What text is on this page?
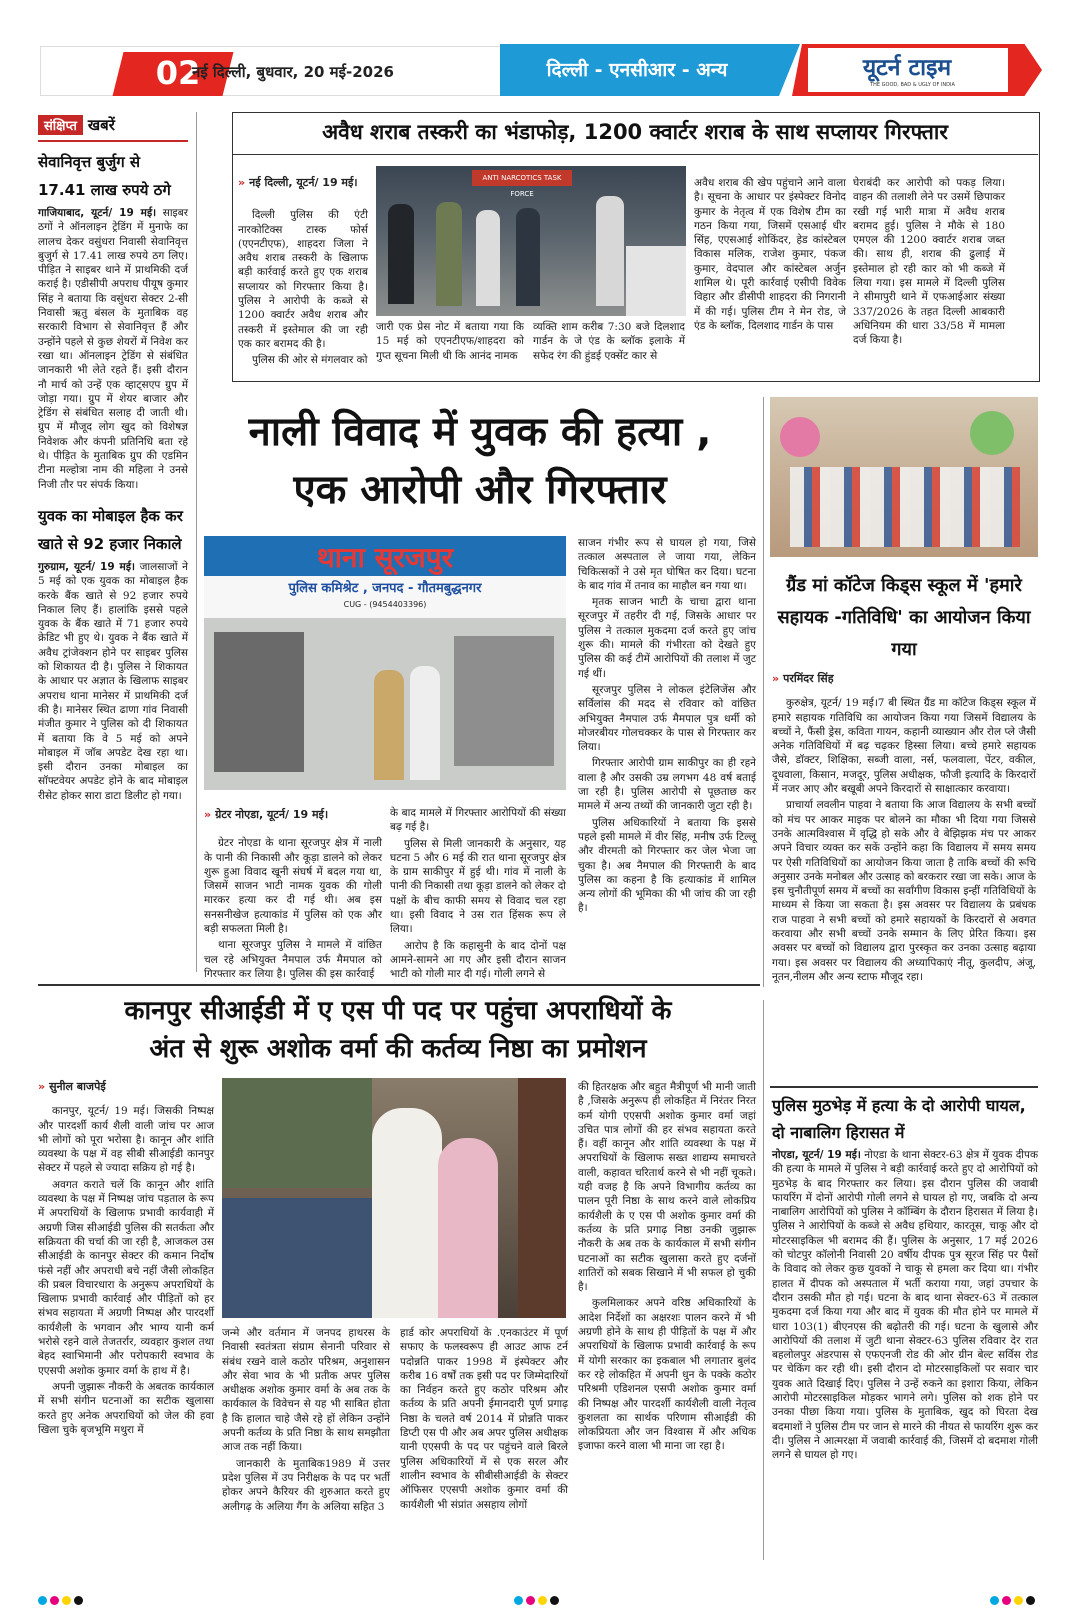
02
नई दिल्ली, बुधवार, 20 मई-2026	दिल्ली - एनसीआर - अन्य	यूटर्न टाइम
THE GOOD, BAD & UGLY OF INDIA
संक्षिप्त खबरें
सेवानिवृत्त बुर्जुग से 17.41 लाख रुपये ठगे
गाजियाबाद, यूटर्न/ 19 मई। साइबर ठगों ने ऑनलाइन ट्रेडिंग में मुनाफे का लालच देकर वसुंधरा निवासी सेवानिवृत्त बुजुर्ग से 17.41 लाख रुपये ठग लिए। पीड़ित ने साइबर थाने में प्राथमिकी दर्ज कराई है। एडीसीपी अपराध पीयूष कुमार सिंह ने बताया कि वसुंधरा सेक्टर 2-सी निवासी ऋतु बंसल के मुताबिक वह सरकारी विभाग से सेवानिवृत्त हैं और उन्होंने पहले से कुछ शेयरों में निवेश कर रखा था। ऑनलाइन ट्रेडिंग से संबंधित जानकारी भी लेते रहते हैं। इसी दौरान नौ मार्च को उन्हें एक व्हाट्सएप ग्रुप में जोड़ा गया। ग्रुप में शेयर बाजार और ट्रेडिंग से संबंधित सलाह दी जाती थी। ग्रुप में मौजूद लोग खुद को विशेषज्ञ निवेशक और कंपनी प्रतिनिधि बता रहे थे। पीड़ित के मुताबिक ग्रुप की एडमिन टीना मल्होत्रा नाम की महिला ने उनसे निजी तौर पर संपर्क किया।
युवक का मोबाइल हैक कर खाते से 92 हजार निकाले
गुरुग्राम, यूटर्न/ 19 मई। जालसाजों ने 5 मई को एक युवक का मोबाइल हैक करके बैंक खाते से 92 हजार रुपये निकाल लिए हैं। हालांकि इससे पहले युवक के बैंक खाते में 71 हजार रुपये क्रेडिट भी हुए थे। युवक ने बैंक खाते में अवैध ट्रांजेक्शन होने पर साइबर पुलिस को शिकायत दी है। पुलिस ने शिकायत के आधार पर अज्ञात के खिलाफ साइबर अपराध थाना मानेसर में प्राथमिकी दर्ज की है। मानेसर स्थित ढाणा गांव निवासी मंजीत कुमार ने पुलिस को दी शिकायत में बताया कि वे 5 मई को अपने मोबाइल में जॉब अपडेट देख रहा था। इसी दौरान उनका मोबाइल का सॉफ्टवेयर अपडेट होने के बाद मोबाइल रीसेट होकर सारा डाटा डिलीट हो गया।
अवैध शराब तस्करी का भंडाफोड़, 1200 क्वार्टर शराब के साथ सप्लायर गिरफ्तार
» नई दिल्ली, यूटर्न/ 19 मई।

दिल्ली पुलिस की एंटी नारकोटिक्स टास्क फोर्स (एएनटीएफ), शाहदरा जिला ने अवैध शराब तस्करी के खिलाफ बड़ी कार्रवाई करते हुए एक शराब सप्लायर को गिरफ्तार किया है। पुलिस ने आरोपी के कब्जे से 1200 क्वार्टर अवैध शराब और तस्करी में इस्तेमाल की जा रही एक कार बरामद की है।

पुलिस की ओर से मंगलवार को

ANTI NARCOTICS TASK FORCE

जारी एक प्रेस नोट में बताया गया कि 15 मई को एएनटीएफ/शाहदरा को गुप्त सूचना मिली थी कि आनंद नामक

व्यक्ति शाम करीब 7:30 बजे दिलशाद गार्डन के जे एंड के ब्लॉक इलाके में सफेद रंग की हुंडई एक्सेंट कार से

अवैध शराब की खेप पहुंचाने आने वाला है। सूचना के आधार पर इंस्पेक्टर विनोद कुमार के नेतृत्व में एक विशेष टीम का गठन किया गया, जिसमें एसआई धीर सिंह, एएसआई शोकिंदर, हेड कांस्टेबल विकास मलिक, राजेश कुमार, पंकज कुमार, वेदपाल और कांस्टेबल अर्जुन शामिल थे। पूरी कार्रवाई एसीपी विवेक विहार और डीसीपी शाहदरा की निगरानी में की गई। पुलिस टीम ने मेन रोड, जे एंड के ब्लॉक, दिलशाद गार्डन के पास

घेराबंदी कर आरोपी को पकड़ लिया। वाहन की तलाशी लेने पर उसमें छिपाकर रखी गई भारी मात्रा में अवैध शराब बरामद हुई। पुलिस ने मौके से 180 एमएल की 1200 क्वार्टर शराब जब्त की। साथ ही, शराब की ढुलाई में इस्तेमाल हो रही कार को भी कब्जे में लिया गया। इस मामले में दिल्ली पुलिस ने सीमापुरी थाने में एफआईआर संख्या 337/2026 के तहत दिल्ली आबकारी अधिनियम की धारा 33/58 में मामला दर्ज किया है।

नाली विवाद में युवक की हत्या ,
एक आरोपी और गिरफ्तार
थाना सूरजपुर
पुलिस कमिश्रेट , जनपद - गौतमबुद्धनगर
CUG - (9454403396)
» ग्रेटर नोएडा, यूटर्न/ 19 मई।

ग्रेटर नोएडा के थाना सूरजपुर क्षेत्र में नाली के पानी की निकासी और कूड़ा डालने को लेकर शुरू हुआ विवाद खूनी संघर्ष में बदल गया था, जिसमें साजन भाटी नामक युवक की गोली मारकर हत्या कर दी गई थी। अब इस सनसनीखेज हत्याकांड में पुलिस को एक और बड़ी सफलता मिली है।

थाना सूरजपुर पुलिस ने मामले में वांछित चल रहे अभियुक्त नैमपाल उर्फ मैमपाल को गिरफ्तार कर लिया है। पुलिस की इस कार्रवाई

के बाद मामले में गिरफ्तार आरोपियों की संख्या बढ़ गई है।

पुलिस से मिली जानकारी के अनुसार, यह घटना 5 और 6 मई की रात थाना सूरजपुर क्षेत्र के ग्राम साकीपुर में हुई थी। गांव में नाली के पानी की निकासी तथा कूड़ा डालने को लेकर दो पक्षों के बीच काफी समय से विवाद चल रहा था। इसी विवाद ने उस रात हिंसक रूप ले लिया।

आरोप है कि कहासुनी के बाद दोनों पक्ष आमने-सामने आ गए और इसी दौरान साजन भाटी को गोली मार दी गई। गोली लगने से

साजन गंभीर रूप से घायल हो गया, जिसे तत्काल अस्पताल ले जाया गया, लेकिन चिकित्सकों ने उसे मृत घोषित कर दिया। घटना के बाद गांव में तनाव का माहौल बन गया था।

मृतक साजन भाटी के चाचा द्वारा थाना सूरजपुर में तहरीर दी गई, जिसके आधार पर पुलिस ने तत्काल मुकदमा दर्ज करते हुए जांच शुरू की। मामले की गंभीरता को देखते हुए पुलिस की कई टीमें आरोपियों की तलाश में जुट गई थीं।

सूरजपुर पुलिस ने लोकल इंटेलिजेंस और सर्विलांस की मदद से रविवार को वांछित अभियुक्त नैमपाल उर्फ मैमपाल पुत्र धर्मी को मोजरबीयर गोलचक्कर के पास से गिरफ्तार कर लिया।

गिरफ्तार आरोपी ग्राम साकीपुर का ही रहने वाला है और उसकी उम्र लगभग 48 वर्ष बताई जा रही है। पुलिस आरोपी से पूछताछ कर मामले में अन्य तथ्यों की जानकारी जुटा रही है।

पुलिस अधिकारियों ने बताया कि इससे पहले इसी मामले में वीर सिंह, मनीष उर्फ टिल्लू और वीरमती को गिरफ्तार कर जेल भेजा जा चुका है। अब नैमपाल की गिरफ्तारी के बाद पुलिस का कहना है कि हत्याकांड में शामिल अन्य लोगों की भूमिका की भी जांच की जा रही है।

ग्रैंड मां कॉटेज किड्स स्कूल में 'हमारे सहायक -गतिविधि' का आयोजन किया गया
» परमिंदर सिंह

कुरुक्षेत्र, यूटर्न/ 19 मई।7 बी स्थित ग्रैंड मा कॉटेज किड्स स्कूल में हमारे सहायक गतिविधि का आयोजन किया गया जिसमें विद्यालय के बच्चों ने, फैंसी ड्रेस, कविता गायन, कहानी व्याख्यान और रोल प्ले जैसी अनेक गतिविधियों में बढ़ चढ़कर हिस्सा लिया। बच्चे हमारे सहायक जैसे, डॉक्टर, शिक्षिका, सब्जी वाला, नर्स, फलवाला, पेंटर, वकील, दूधवाला, किसान, मजदूर, पुलिस अधीक्षक, फौजी इत्यादि के किरदारों में नजर आए और बखूबी अपने किरदारों से साक्षात्कार करवाया।

प्राचार्या लवलीन पाहवा ने बताया कि आज विद्यालय के सभी बच्चों को मंच पर आकर माइक पर बोलने का मौका भी दिया गया जिससे उनके आत्मविश्वास में वृद्धि हो सके और वे बेझिझक मंच पर आकर अपने विचार व्यक्त कर सकें उन्होंने कहा कि विद्यालय में समय समय पर ऐसी गतिविधियों का आयोजन किया जाता है ताकि बच्चों की रूचि अनुसार उनके मनोबल और उत्साह को बरकरार रखा जा सके। आज के इस चुनौतीपूर्ण समय में बच्चों का सर्वांगीण विकास इन्हीं गतिविधियों के माध्यम से किया जा सकता है। इस अवसर पर विद्यालय के प्रबंधक राज पाहवा ने सभी बच्चों को हमारे सहायकों के किरदारों से अवगत करवाया और सभी बच्चों उनके सम्मान के लिए प्रेरित किया। इस अवसर पर बच्चों को विद्यालय द्वारा पुरस्कृत कर उनका उत्साह बढ़ाया गया। इस अवसर पर विद्यालय की अध्यापिकाएं नीतू, कुलदीप, अंजू, नूतन,नीलम और अन्य स्टाफ मौजूद रहा।

पुलिस मुठभेड़ में हत्या के दो आरोपी घायल, दो नाबालिग हिरासत में

नोएडा, यूटर्न/ 19 मई। नोएडा के थाना सेक्टर-63 क्षेत्र में युवक दीपक की हत्या के मामले में पुलिस ने बड़ी कार्रवाई करते हुए दो आरोपियों को मुठभेड़ के बाद गिरफ्तार कर लिया। इस दौरान पुलिस की जवाबी फायरिंग में दोनों आरोपी गोली लगने से घायल हो गए, जबकि दो अन्य नाबालिग आरोपियों को पुलिस ने कॉम्बिंग के दौरान हिरासत में लिया है। पुलिस ने आरोपियों के कब्जे से अवैध हथियार, कारतूस, चाकू और दो मोटरसाइकिल भी बरामद की हैं। पुलिस के अनुसार, 17 मई 2026 को चोटपुर कॉलोनी निवासी 20 वर्षीय दीपक पुत्र सूरज सिंह पर पैसों के विवाद को लेकर कुछ युवकों ने चाकू से हमला कर दिया था। गंभीर हालत में दीपक को अस्पताल में भर्ती कराया गया, जहां उपचार के दौरान उसकी मौत हो गई। घटना के बाद थाना सेक्टर-63 में तत्काल मुकदमा दर्ज किया गया और बाद में युवक की मौत होने पर मामले में धारा 103(1) बीएनएस की बढ़ोतरी की गई। घटना के खुलासे और आरोपियों की तलाश में जुटी थाना सेक्टर-63 पुलिस रविवार देर रात बहलोलपुर अंडरपास से एफएनजी रोड की ओर ग्रीन बेल्ट सर्विस रोड पर चेकिंग कर रही थी। इसी दौरान दो मोटरसाइकिलों पर सवार चार युवक आते दिखाई दिए। पुलिस ने उन्हें रुकने का इशारा किया, लेकिन आरोपी मोटरसाइकिल मोड़कर भागने लगे। पुलिस को शक होने पर उनका पीछा किया गया। पुलिस के मुताबिक, खुद को घिरता देख बदमाशों ने पुलिस टीम पर जान से मारने की नीयत से फायरिंग शुरू कर दी। पुलिस ने आत्मरक्षा में जवाबी कार्रवाई की, जिसमें दो बदमाश गोली लगने से घायल हो गए।

कानपुर सीआईडी में ए एस पी पद पर पहुंचा अपराधियों के
अंत से शुरू अशोक वर्मा की कर्तव्य निष्ठा का प्रमोशन
» सुनील बाजपेई

कानपुर, यूटर्न/ 19 मई। जिसकी निष्पक्ष और पारदर्शी कार्य शैली वाली जांच पर आज भी लोगों को पूरा भरोसा है। कानून और शांति व्यवस्था के पक्ष में वह सीबी सीआईडी कानपुर सेक्टर में पहले से ज्यादा सक्रिय हो गई है।

अवगत कराते चलें कि कानून और शांति व्यवस्था के पक्ष में निष्पक्ष जांच पड़ताल के रूप में अपराधियों के खिलाफ प्रभावी कार्यवाही में अग्रणी जिस सीआईडी पुलिस की सतर्कता और सक्रियता की चर्चा की जा रही है, आजकल उस सीआईडी के कानपुर सेक्टर की कमान निर्दोष फंसे नहीं और अपराधी बचे नहीं जैसी लोकहित की प्रबल विचारधारा के अनुरूप अपराधियों के खिलाफ प्रभावी कार्रवाई और पीड़ितों को हर संभव सहायता में अग्रणी निष्पक्ष और पारदर्शी कार्यशैली के भगवान और भाग्य यानी कर्म भरोसे रहने वाले तेजतर्रार, व्यवहार कुशल तथा बेहद स्वाभिमानी और परोपकारी स्वभाव के एएसपी अशोक कुमार वर्मा के हाथ में है।

अपनी जुझारू नौकरी के अबतक कार्यकाल में सभी संगीन घटनाओं का सटीक खुलासा करते हुए अनेक अपराधियों को जेल की हवा खिला चुके बृजभूमि मथुरा में

जन्मे और वर्तमान में जनपद हाथरस के निवासी स्वतंत्रता संग्राम सेनानी परिवार से संबंध रखने वाले कठोर परिश्रम, अनुशासन और सेवा भाव के भी प्रतीक अपर पुलिस अधीक्षक अशोक कुमार वर्मा के अब तक के कार्यकाल के विवेचन से यह भी साबित होता है कि हालात चाहे जैसे रहे हों लेकिन उन्होंने अपनी कर्तव्य के प्रति निष्ठा के साथ समझौता आज तक नहीं किया।

जानकारी के मुताबिक1989 में उत्तर प्रदेश पुलिस में उप निरीक्षक के पद पर भर्ती होकर अपने कैरियर की शुरुआत करते हुए अलीगढ़ के अलिया गैंग के अलिया सहित 3

हार्ड कोर अपराधियों के .एनकाउंटर में पूर्ण सफाए के फलस्वरूप ही आउट आफ टर्न पदोन्नति पाकर 1998 में इंस्पेक्टर और करीब 16 वर्षों तक इसी पद पर जिम्मेदारियों का निर्वहन करते हुए कठोर परिश्रम और कर्तव्य के प्रति अपनी ईमानदारी पूर्ण प्रगाढ़ निष्ठा के चलते वर्ष 2014 में प्रोन्नति पाकर डिप्टी एस पी और अब अपर पुलिस अधीक्षक यानी एएसपी के पद पर पहुंचने वाले बिरले पुलिस अधिकारियों में से एक सरल और शालीन स्वभाव के सीबीसीआईडी के सेक्टर ऑफिसर एएसपी अशोक कुमार वर्मा की कार्यशैली भी संप्रांत असहाय लोगों

की हितरक्षक और बहुत मैत्रीपूर्ण भी मानी जाती है ,जिसके अनुरूप ही लोकहित में निरंतर निरत कर्म योगी एएसपी अशोक कुमार वर्मा जहां उचित पात्र लोगों की हर संभव सहायता करते हैं। वहीं कानून और शांति व्यवस्था के पक्ष में अपराधियों के खिलाफ सख्त शाद्यम्य समाचरते वाली, कहावत चरितार्थ करने से भी नहीं चूकते। यही वजह है कि अपने विभागीय कर्तव्य का पालन पूरी निष्ठा के साथ करने वाले लोकप्रिय कार्यशैली के ए एस पी अशोक कुमार वर्मा की कर्तव्य के प्रति प्रगाढ़ निष्ठा उनकी जुझारू नौकरी के अब तक के कार्यकाल में सभी संगीन घटनाओं का सटीक खुलासा करते हुए दर्जनों शातिरों को सबक सिखाने में भी सफल हो चुकी है।

कुलमिलाकर अपने वरिष्ठ अधिकारियों के आदेश निर्देशों का अक्षरशः पालन करने में भी अग्रणी होने के साथ ही पीड़ितों के पक्ष में और अपराधियों के खिलाफ प्रभावी कार्रवाई के रूप में योगी सरकार का इकबाल भी लगातार बुलंद कर रहे लोकहित में अपनी धुन के पक्के कठोर परिश्रमी एडिशनल एसपी अशोक कुमार वर्मा की निष्पक्ष और पारदर्शी कार्यशैली वाली नेतृत्व कुशलता का सार्थक परिणाम सीआईडी की लोकप्रियता और जन विश्वास में और अधिक इजाफा करने वाला भी माना जा रहा है।
